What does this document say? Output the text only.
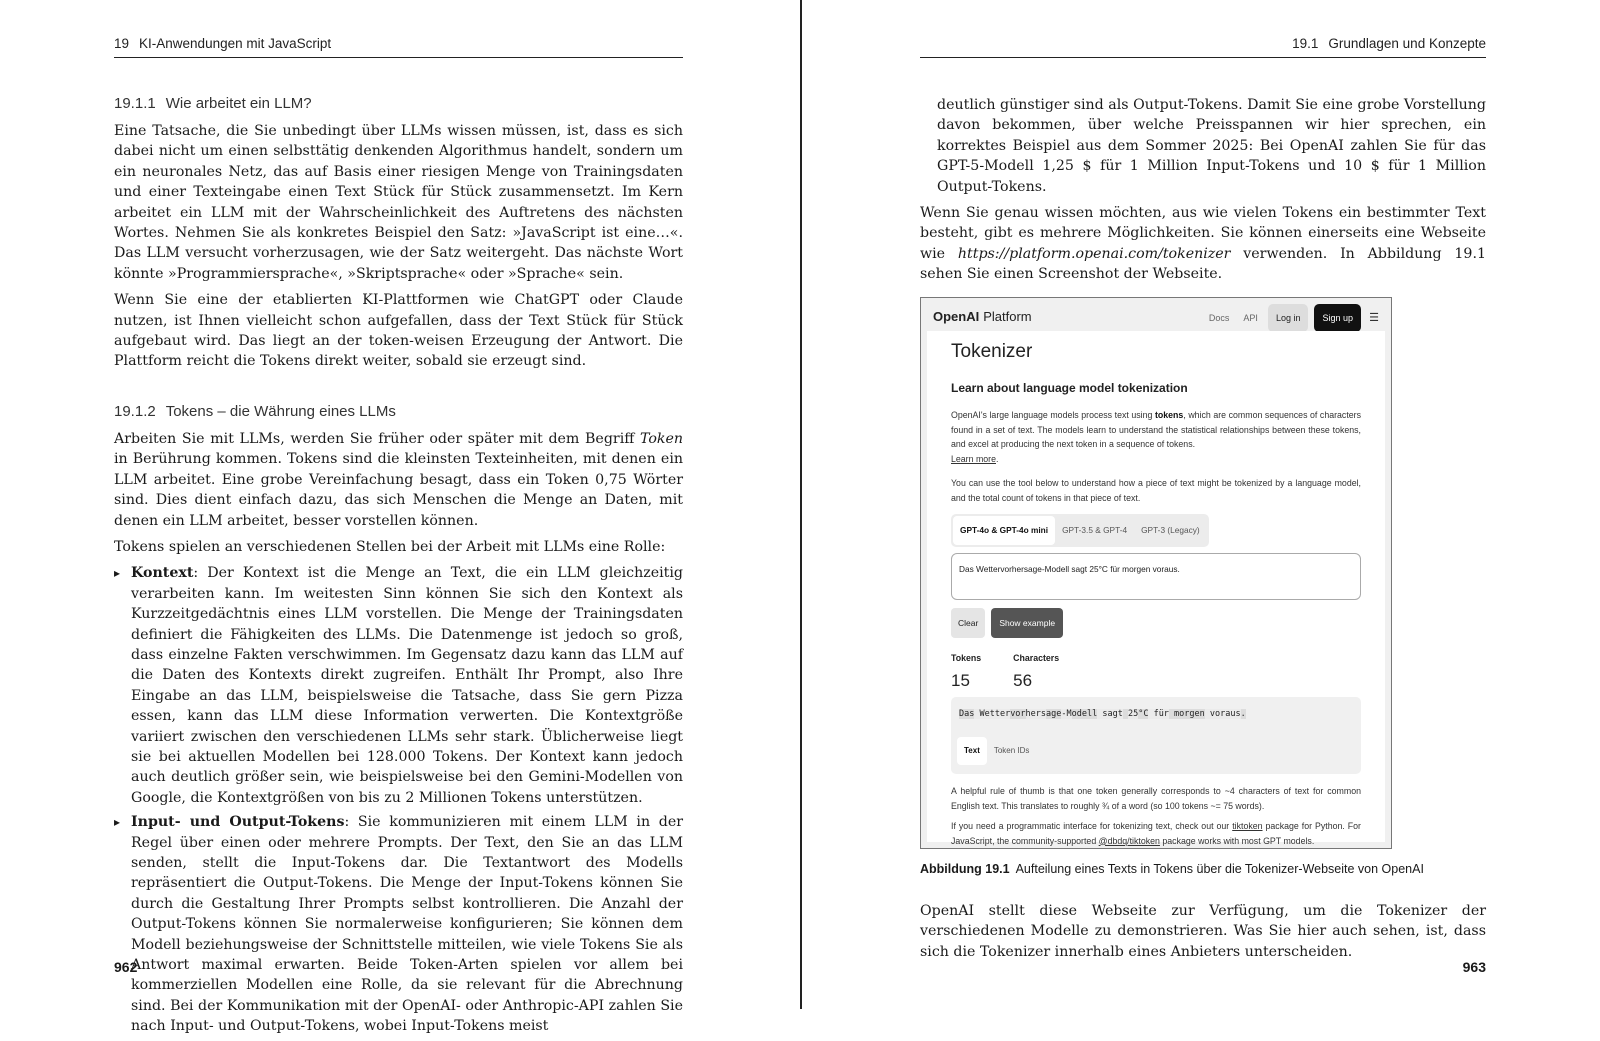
19 KI-Anwendungen mit JavaScript
19.1.1 Wie arbeitet ein LLM?

Eine Tatsache, die Sie unbedingt über LLMs wissen müssen, ist, dass es sich dabei nicht um einen selbsttätig denkenden Algorithmus handelt, sondern um ein neuronales Netz, das auf Basis einer riesigen Menge von Trainingsdaten und einer Texteingabe einen Text Stück für Stück zusammensetzt. Im Kern arbeitet ein LLM mit der Wahrscheinlichkeit des Auftretens des nächsten Wortes. Nehmen Sie als konkretes Beispiel den Satz: »JavaScript ist eine…«. Das LLM versucht vorherzusagen, wie der Satz weitergeht. Das nächste Wort könnte »Programmiersprache«, »Skriptsprache« oder »Sprache« sein.

Wenn Sie eine der etablierten KI-Plattformen wie ChatGPT oder Claude nutzen, ist Ihnen vielleicht schon aufgefallen, dass der Text Stück für Stück aufgebaut wird. Das liegt an der token-weisen Erzeugung der Antwort. Die Plattform reicht die Tokens direkt weiter, sobald sie erzeugt sind.

19.1.2 Tokens – die Währung eines LLMs

Arbeiten Sie mit LLMs, werden Sie früher oder später mit dem Begriff Token in Berührung kommen. Tokens sind die kleinsten Texteinheiten, mit denen ein LLM arbeitet. Eine grobe Vereinfachung besagt, dass ein Token 0,75 Wörter sind. Dies dient einfach dazu, das sich Menschen die Menge an Daten, mit denen ein LLM arbeitet, besser vorstellen können.

Tokens spielen an verschiedenen Stellen bei der Arbeit mit LLMs eine Rolle:

▸ Kontext: Der Kontext ist die Menge an Text, die ein LLM gleichzeitig verarbeiten kann. Im weitesten Sinn können Sie sich den Kontext als Kurzzeitgedächtnis eines LLM vorstellen. Die Menge der Trainingsdaten definiert die Fähigkeiten des LLMs. Die Datenmenge ist jedoch so groß, dass einzelne Fakten verschwimmen. Im Gegensatz dazu kann das LLM auf die Daten des Kontexts direkt zugreifen. Enthält Ihr Prompt, also Ihre Eingabe an das LLM, beispielsweise die Tatsache, dass Sie gern Pizza essen, kann das LLM diese Information verwerten. Die Kontextgröße variiert zwischen den verschiedenen LLMs sehr stark. Üblicherweise liegt sie bei aktuellen Modellen bei 128.000 Tokens. Der Kontext kann jedoch auch deutlich größer sein, wie beispielsweise bei den Gemini-Modellen von Google, die Kontextgrößen von bis zu 2 Millionen Tokens unterstützen.
▸ Input- und Output-Tokens: Sie kommunizieren mit einem LLM in der Regel über einen oder mehrere Prompts. Der Text, den Sie an das LLM senden, stellt die Input-Tokens dar. Die Textantwort des Modells repräsentiert die Output-Tokens. Die Menge der Input-Tokens können Sie durch die Gestaltung Ihrer Prompts selbst kontrollieren. Die Anzahl der Output-Tokens können Sie normalerweise konfigurieren; Sie können dem Modell beziehungsweise der Schnittstelle mitteilen, wie viele Tokens Sie als Antwort maximal erwarten. Beide Token-Arten spielen vor allem bei kommerziellen Modellen eine Rolle, da sie relevant für die Abrechnung sind. Bei der Kommunikation mit der OpenAI- oder Anthropic-API zahlen Sie nach Input- und Output-Tokens, wobei Input-Tokens meist
962
19.1 Grundlagen und Konzepte

deutlich günstiger sind als Output-Tokens. Damit Sie eine grobe Vorstellung davon bekommen, über welche Preisspannen wir hier sprechen, ein korrektes Beispiel aus dem Sommer 2025: Bei OpenAI zahlen Sie für das GPT-5-Modell 1,25 $ für 1 Million Input-Tokens und 10 $ für 1 Million Output-Tokens.

Wenn Sie genau wissen möchten, aus wie vielen Tokens ein bestimmter Text besteht, gibt es mehrere Möglichkeiten. Sie können einerseits eine Webseite wie https://platform.openai.com/tokenizer verwenden. In Abbildung 19.1 sehen Sie einen Screenshot der Webseite.

OpenAI Platform	Docs	API	Log in	Sign up	☰
Tokenizer
Learn about language model tokenization
OpenAI's large language models process text using tokens, which are common sequences of characters found in a set of text. The models learn to understand the statistical relationships between these tokens, and excel at producing the next token in a sequence of tokens.
Learn more.
You can use the tool below to understand how a piece of text might be tokenized by a language model, and the total count of tokens in that piece of text.
GPT-4o & GPT-4o mini	GPT-3.5 & GPT-4	GPT-3 (Legacy)
Das Wettervorhersage-Modell sagt 25°C für morgen voraus.
Clear	Show example
Tokens
15
Characters
56
Das Wettervorhersage-Modell sagt 25°C für morgen voraus.
Text	Token IDs
A helpful rule of thumb is that one token generally corresponds to ~4 characters of text for common English text. This translates to roughly ¾ of a word (so 100 tokens ~= 75 words).
If you need a programmatic interface for tokenizing text, check out our tiktoken package for Python. For JavaScript, the community-supported @dbdq/tiktoken package works with most GPT models.
Abbildung 19.1 Aufteilung eines Texts in Tokens über die Tokenizer-Webseite von OpenAI

OpenAI stellt diese Webseite zur Verfügung, um die Tokenizer der verschiedenen Modelle zu demonstrieren. Was Sie hier auch sehen, ist, dass sich die Tokenizer innerhalb eines Anbieters unterscheiden.

963
